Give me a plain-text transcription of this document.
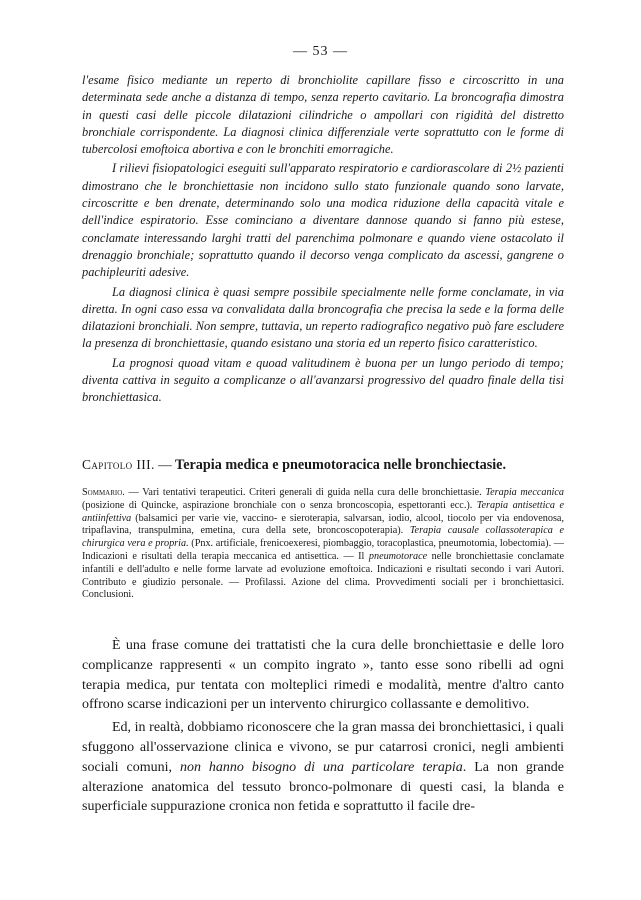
— 53 —

l'esame fisico mediante un reperto di bronchiolite capillare fisso e circoscritto in una determinata sede anche a distanza di tempo, senza reperto cavitario. La broncografia dimostra in questi casi delle piccole dilatazioni cilindriche o ampollari con rigidità del distretto bronchiale corrispondente. La diagnosi clinica differenziale verte soprattutto con le forme di tubercolosi emoftoica abortiva e con le bronchiti emorragiche.

I rilievi fisiopatologici eseguiti sull'apparato respiratorio e cardiorascolare di 2½ pazienti dimostrano che le bronchiettasie non incidono sullo stato funzionale quando sono larvate, circoscritte e ben drenate, determinando solo una modica riduzione della capacità vitale e dell'indice espiratorio. Esse cominciano a diventare dannose quando si fanno più estese, conclamate interessando larghi tratti del parenchima polmonare e quando viene ostacolato il drenaggio bronchiale; soprattutto quando il decorso venga complicato da ascessi, gangrene o pachipleuriti adesive.

La diagnosi clinica è quasi sempre possibile specialmente nelle forme conclamate, in via diretta. In ogni caso essa va convalidata dalla broncografia che precisa la sede e la forma delle dilatazioni bronchiali. Non sempre, tuttavia, un reperto radiografico negativo può fare escludere la presenza di bronchiettasie, quando esistano una storia ed un reperto fisico caratteristico.

La prognosi quoad vitam e quoad valitudinem è buona per un lungo periodo di tempo; diventa cattiva in seguito a complicanze o all'avanzarsi progressivo del quadro finale della tisi bronchiettasica.

Capitolo III. — Terapia medica e pneumotoracica nelle bronchiectasie.

Sommario. — Vari tentativi terapeutici. Criteri generali di guida nella cura delle bronchiettasie. Terapia meccanica (posizione di Quincke, aspirazione bronchiale con o senza broncoscopia, espettoranti ecc.). Terapia antisettica e antiinfettiva (balsamici per varie vie, vaccino- e sieroterapia, salvarsan, iodio, alcool, tiocolo per via endovenosa, tripaflavina, transpulmina, emetina, cura della sete, broncoscopoterapia). Terapia causale collassoterapica e chirurgica vera e propria. (Pnx. artificiale, frenicoexeresi, piombaggio, toracoplastica, pneumotomia, lobectomia). — Indicazioni e risultati della terapia meccanica ed antisettica. — Il pneumotorace nelle bronchiettasie conclamate infantili e dell'adulto e nelle forme larvate ad evoluzione emoftoica. Indicazioni e risultati secondo i vari Autori. Contributo e giudizio personale. — Profilassi. Azione del clima. Provvedimenti sociali per i bronchiettasici. Conclusioni.

È una frase comune dei trattatisti che la cura delle bronchiettasie e delle loro complicanze rappresenti « un compito ingrato », tanto esse sono ribelli ad ogni terapia medica, pur tentata con molteplici rimedi e modalità, mentre d'altro canto offrono scarse indicazioni per un intervento chirurgico collassante e demolitivo.

Ed, in realtà, dobbiamo riconoscere che la gran massa dei bronchiettasici, i quali sfuggono all'osservazione clinica e vivono, se pur catarrosi cronici, negli ambienti sociali comuni, non hanno bisogno di una particolare terapia. La non grande alterazione anatomica del tessuto bronco-polmonare di questi casi, la blanda e superficiale suppurazione cronica non fetida e soprattutto il facile dre-
